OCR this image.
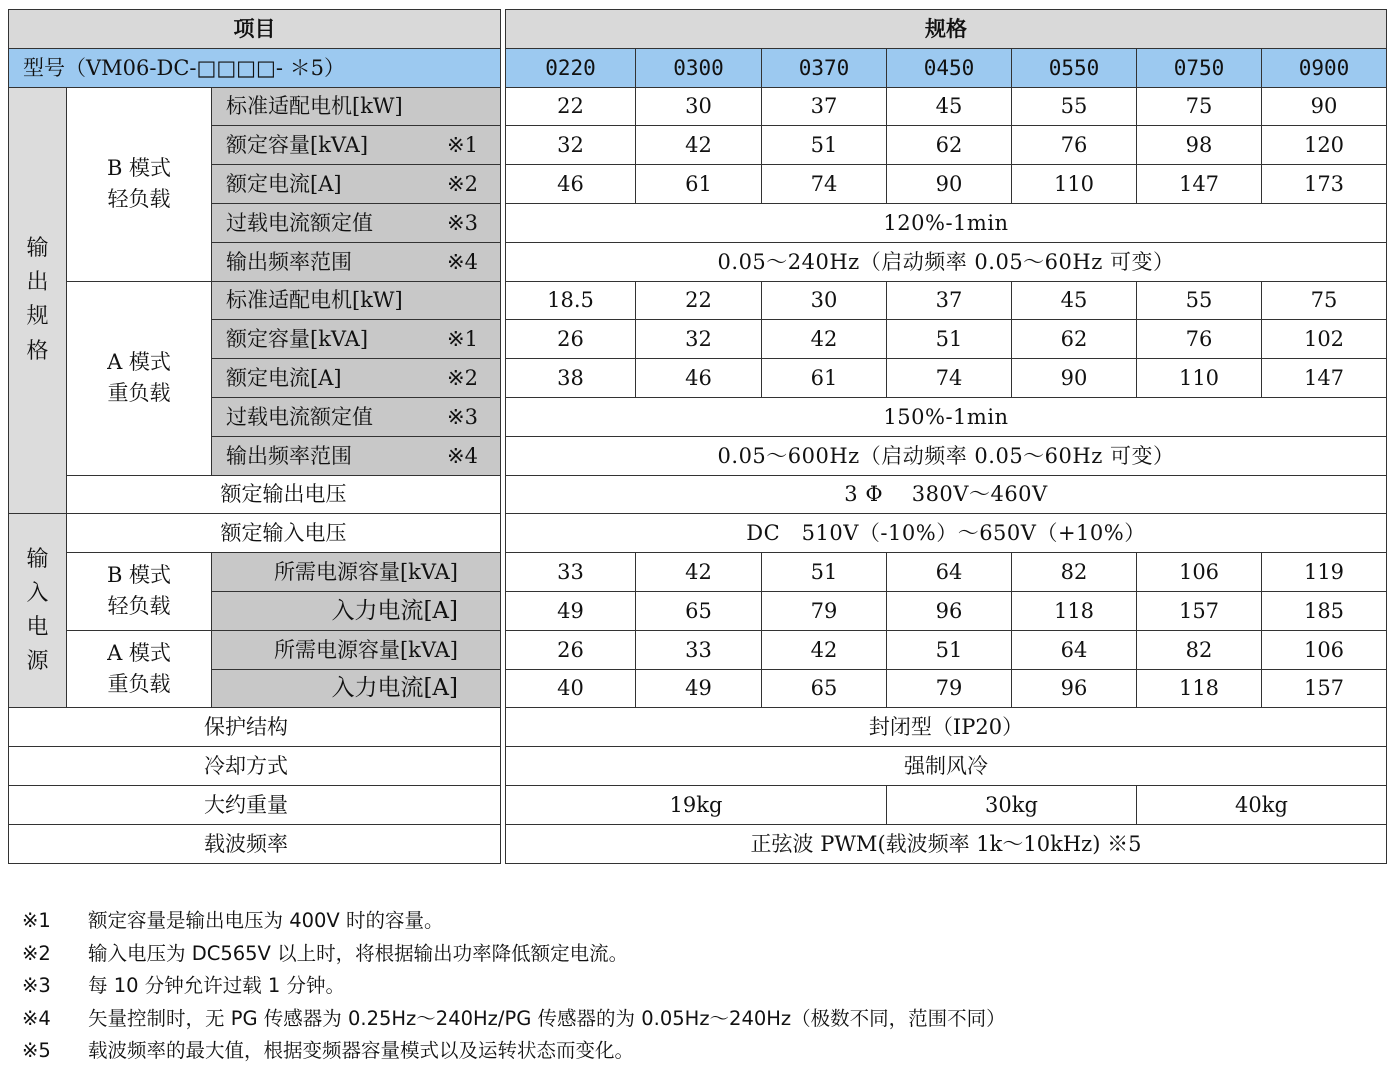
项目				规格						
型号（VM06-DC-□□□□- ＊5）				0220	0300	0370	0450	0550	0750	0900
输出规格	B 模式
轻负载	标准适配电机[kW]		22	30	37	45	55	75	90
		额定容量[kVA] ※1		32	42	51	62	76	98	120
		额定电流[A] ※2		46	61	74	90	110	147	173
		过载电流额定值 ※3		120%-1min						
		输出频率范围 ※4		0.05～240Hz（启动频率 0.05～60Hz 可变）						
	A 模式
重负载	标准适配电机[kW]		18.5	22	30	37	45	55	75
		额定容量[kVA] ※1		26	32	42	51	62	76	102
		额定电流[A] ※2		38	46	61	74	90	110	147
		过载电流额定值 ※3		150%-1min						
		输出频率范围 ※4		0.05～600Hz（启动频率 0.05～60Hz 可变）						
	额定输出电压			3 Φ　 380V～460V						
输入电源	额定输入电压			DC　510V（-10%）～650V（+10%）						
	B 模式
轻负载	所需电源容量[kVA]		33	42	51	64	82	106	119
		入力电流[A]		49	65	79	96	118	157	185
	A 模式
重负载	所需电源容量[kVA]		26	33	42	51	64	82	106
		入力电流[A]		40	49	65	79	96	118	157
保护结构				封闭型（IP20）						
冷却方式				强制风冷						
大约重量				19kg			30kg		40kg	
载波频率				正弦波 PWM(载波频率 1k～10kHz) ※5						
※1 额定容量是输出电压为 400V 时的容量。
※2 输入电压为 DC565V 以上时，将根据输出功率降低额定电流。
※3 每 10 分钟允许过载 1 分钟。
※4 矢量控制时，无 PG 传感器为 0.25Hz～240Hz/PG 传感器的为 0.05Hz～240Hz（极数不同，范围不同）
※5 载波频率的最大值，根据变频器容量模式以及运转状态而变化。
